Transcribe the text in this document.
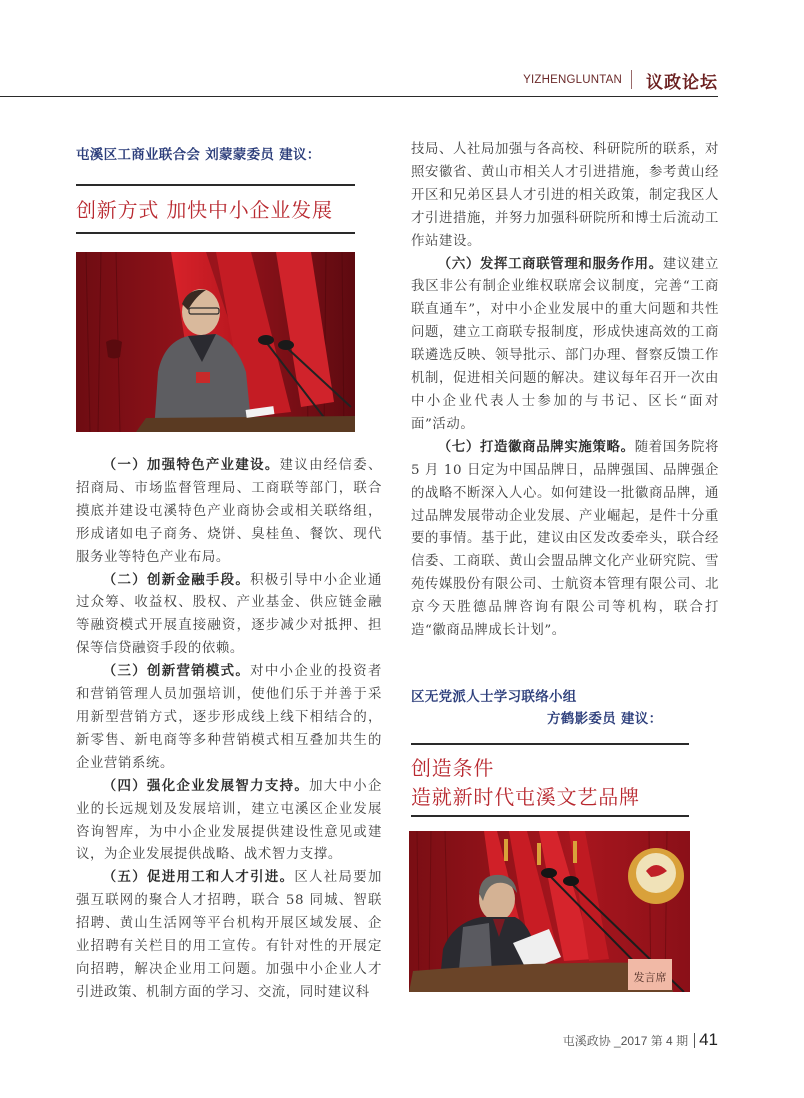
YIZHENGLUNTAN 议政论坛
屯溪区工商业联合会 刘蒙蒙委员 建议：
创新方式 加快中小企业发展

（一）加强特色产业建设。建议由经信委、招商局、市场监督管理局、工商联等部门，联合摸底并建设屯溪特色产业商协会或相关联络组，形成诸如电子商务、烧饼、臭桂鱼、餐饮、现代服务业等特色产业布局。

（二）创新金融手段。积极引导中小企业通过众筹、收益权、股权、产业基金、供应链金融等融资模式开展直接融资，逐步减少对抵押、担保等信贷融资手段的依赖。

（三）创新营销模式。对中小企业的投资者和营销管理人员加强培训，使他们乐于并善于采用新型营销方式，逐步形成线上线下相结合的，新零售、新电商等多种营销模式相互叠加共生的企业营销系统。

（四）强化企业发展智力支持。加大中小企业的长远规划及发展培训，建立屯溪区企业发展咨询智库，为中小企业发展提供建设性意见或建议，为企业发展提供战略、战术智力支撑。

（五）促进用工和人才引进。区人社局要加强互联网的聚合人才招聘，联合 58 同城、智联招聘、黄山生活网等平台机构开展区域发展、企业招聘有关栏目的用工宣传。有针对性的开展定向招聘，解决企业用工问题。加强中小企业人才引进政策、机制方面的学习、交流，同时建议科

技局、人社局加强与各高校、科研院所的联系，对照安徽省、黄山市相关人才引进措施，参考黄山经开区和兄弟区县人才引进的相关政策，制定我区人才引进措施，并努力加强科研院所和博士后流动工作站建设。

（六）发挥工商联管理和服务作用。建议建立我区非公有制企业维权联席会议制度，完善“工商联直通车”，对中小企业发展中的重大问题和共性问题，建立工商联专报制度，形成快速高效的工商联遴选反映、领导批示、部门办理、督察反馈工作机制，促进相关问题的解决。建议每年召开一次由中小企业代表人士参加的与书记、区长“面对面”活动。

（七）打造徽商品牌实施策略。随着国务院将 5 月 10 日定为中国品牌日，品牌强国、品牌强企的战略不断深入人心。如何建设一批徽商品牌，通过品牌发展带动企业发展、产业崛起，是件十分重要的事情。基于此，建议由区发改委牵头，联合经信委、工商联、黄山会盟品牌文化产业研究院、雪苑传媒股份有限公司、士航资本管理有限公司、北京今天胜德品牌咨询有限公司等机构，联合打造“徽商品牌成长计划”。

区无党派人士学习联络小组
方鹤影委员 建议：
创造条件
造就新时代屯溪文艺品牌
发言席
屯溪政协 _2017 第 4 期 41
